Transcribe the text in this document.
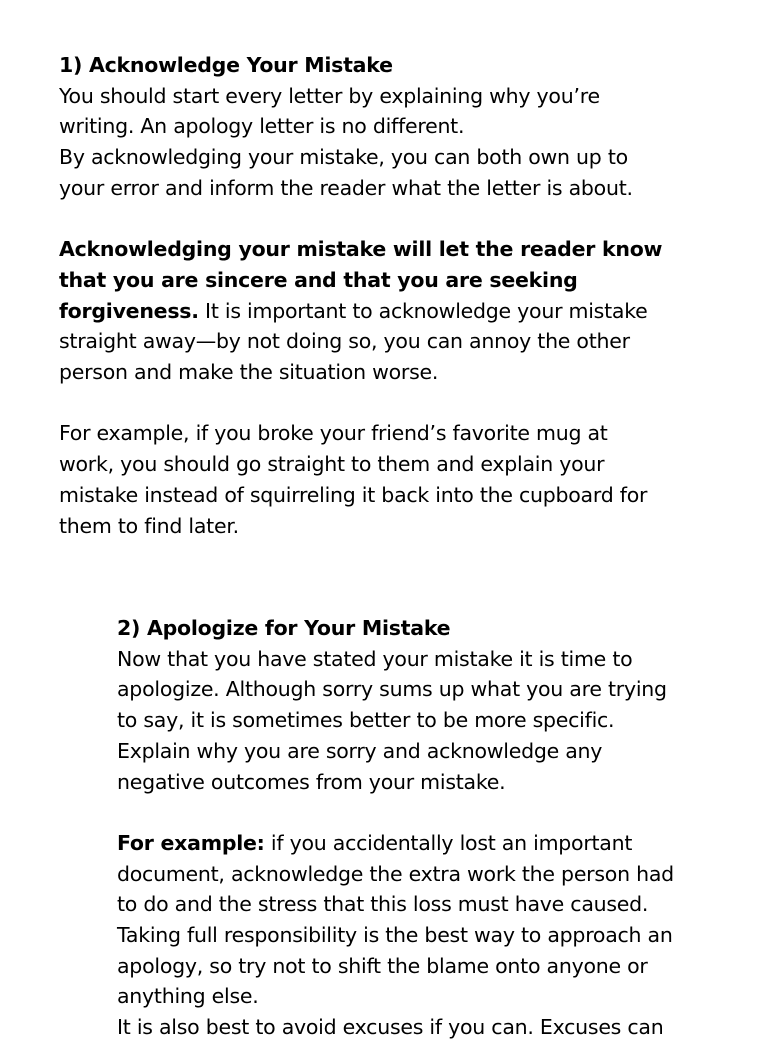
1) Acknowledge Your Mistake
You should start every letter by explaining why you’re
writing. An apology letter is no different.
By acknowledging your mistake, you can both own up to
your error and inform the reader what the letter is about.
Acknowledging your mistake will let the reader know
that you are sincere and that you are seeking
forgiveness. It is important to acknowledge your mistake
straight away—by not doing so, you can annoy the other
person and make the situation worse.
For example, if you broke your friend’s favorite mug at
work, you should go straight to them and explain your
mistake instead of squirreling it back into the cupboard for
them to find later.
2) Apologize for Your Mistake
Now that you have stated your mistake it is time to
apologize. Although sorry sums up what you are trying
to say, it is sometimes better to be more specific.
Explain why you are sorry and acknowledge any
negative outcomes from your mistake.
For example: if you accidentally lost an important
document, acknowledge the extra work the person had
to do and the stress that this loss must have caused.
Taking full responsibility is the best way to approach an
apology, so try not to shift the blame onto anyone or
anything else.
It is also best to avoid excuses if you can. Excuses can
